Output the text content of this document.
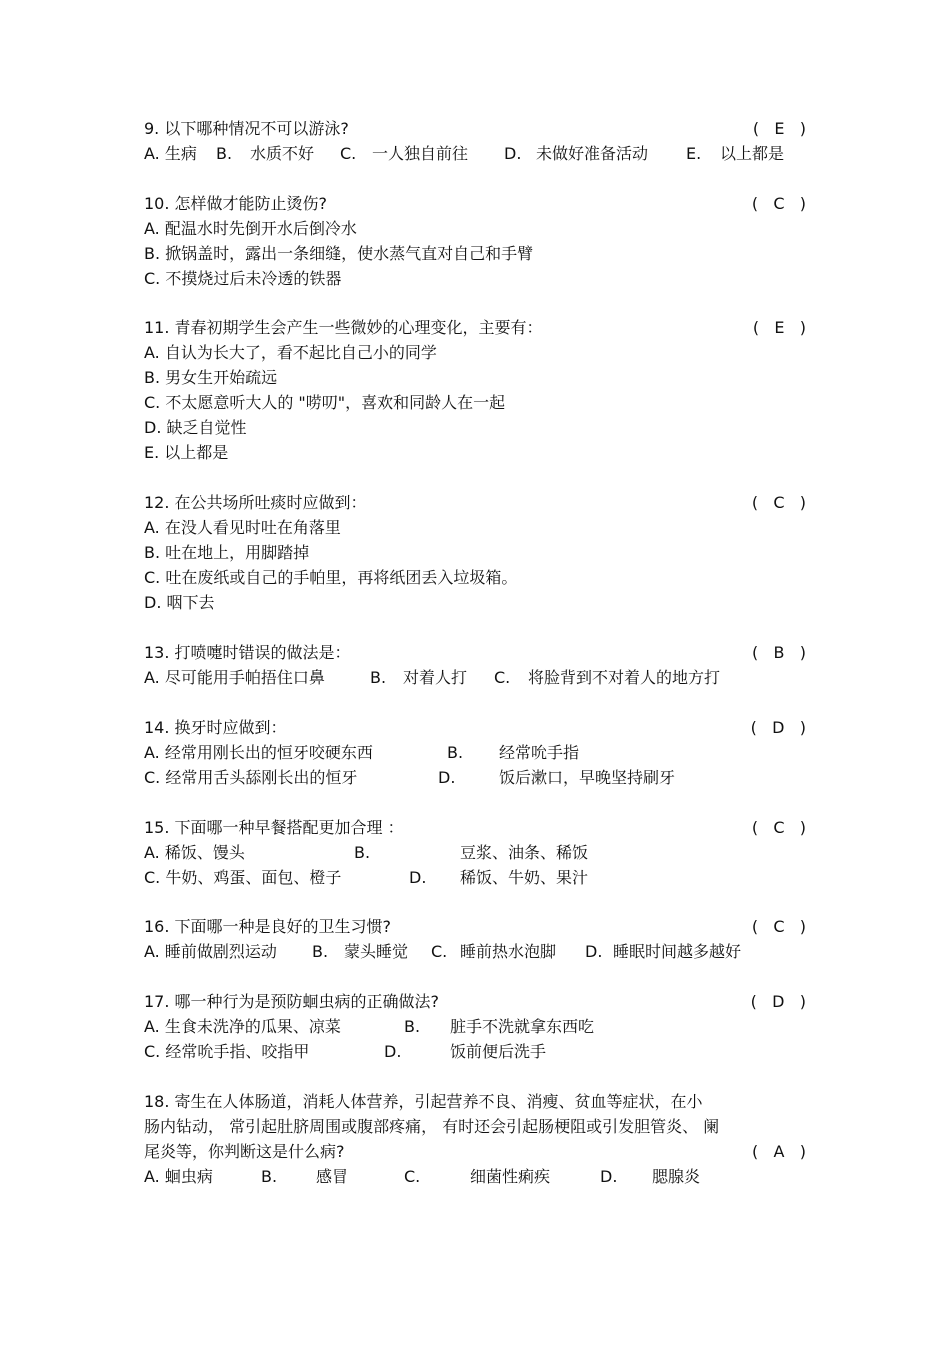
9. 以下哪种情况不可以游泳?	(   E   )
A. 生病 B. 水质不好 C. 一人独自前往 D. 未做好准备活动 E. 以上都是
10. 怎样做才能防止烫伤?	(   C   )
A. 配温水时先倒开水后倒冷水
B. 掀锅盖时，露出一条细缝，使水蒸气直对自己和手臂
C. 不摸烧过后未冷透的铁器
11. 青春初期学生会产生一些微妙的心理变化，主要有：	(   E   )
A. 自认为长大了，看不起比自己小的同学
B. 男女生开始疏远
C. 不太愿意听大人的 "唠叨"，喜欢和同龄人在一起
D. 缺乏自觉性
E. 以上都是
12. 在公共场所吐痰时应做到：	(   C   )
A. 在没人看见时吐在角落里
B. 吐在地上，用脚踏掉
C. 吐在废纸或自己的手帕里，再将纸团丢入垃圾箱。
D. 咽下去
13. 打喷嚏时错误的做法是：	(   B   )
A. 尽可能用手帕捂住口鼻	B. 对着人打 C. 将脸背到不对着人的地方打
14. 换牙时应做到：	(   D   )
A. 经常用刚长出的恒牙咬硬东西	B. 经常吮手指
C. 经常用舌头舔刚长出的恒牙	D.	饭后漱口，早晚坚持刷牙
15. 下面哪一种早餐搭配更加合理 ：	(   C   )
A. 稀饭、馒头	B.	豆浆、油条、稀饭
C. 牛奶、鸡蛋、面包、橙子	D. 稀饭、牛奶、果汁
16. 下面哪一种是良好的卫生习惯?	(   C   )
A. 睡前做剧烈运动 B. 蒙头睡觉 C. 睡前热水泡脚 D. 睡眠时间越多越好
17. 哪一种行为是预防蛔虫病的正确做法?	(   D   )
A. 生食未洗净的瓜果、凉菜	B. 脏手不洗就拿东西吃
C. 经常吮手指、咬指甲	D.	饭前便后洗手
18. 寄生在人体肠道，消耗人体营养，引起营养不良、消瘦、贫血等症状，在小
肠内钻动， 常引起肚脐周围或腹部疼痛， 有时还会引起肠梗阻或引发胆管炎、 阑
尾炎等，你判断这是什么病?	(   A   )
A. 蛔虫病	B. 感冒	C.	细菌性痢疾	D. 腮腺炎
